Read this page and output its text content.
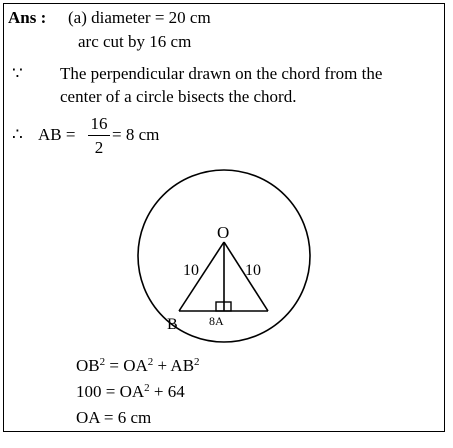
Ans : (a) diameter = 20 cm
arc cut by 16 cm
∵ The perpendicular drawn on the chord from the
center of a circle bisects the chord.
∴ AB =
16
2
= 8 cm
O
10	10
B	8A
$OB^2 = OA^2 + AB^2$
$100 = OA^2 + 64$
OA = 6 cm
